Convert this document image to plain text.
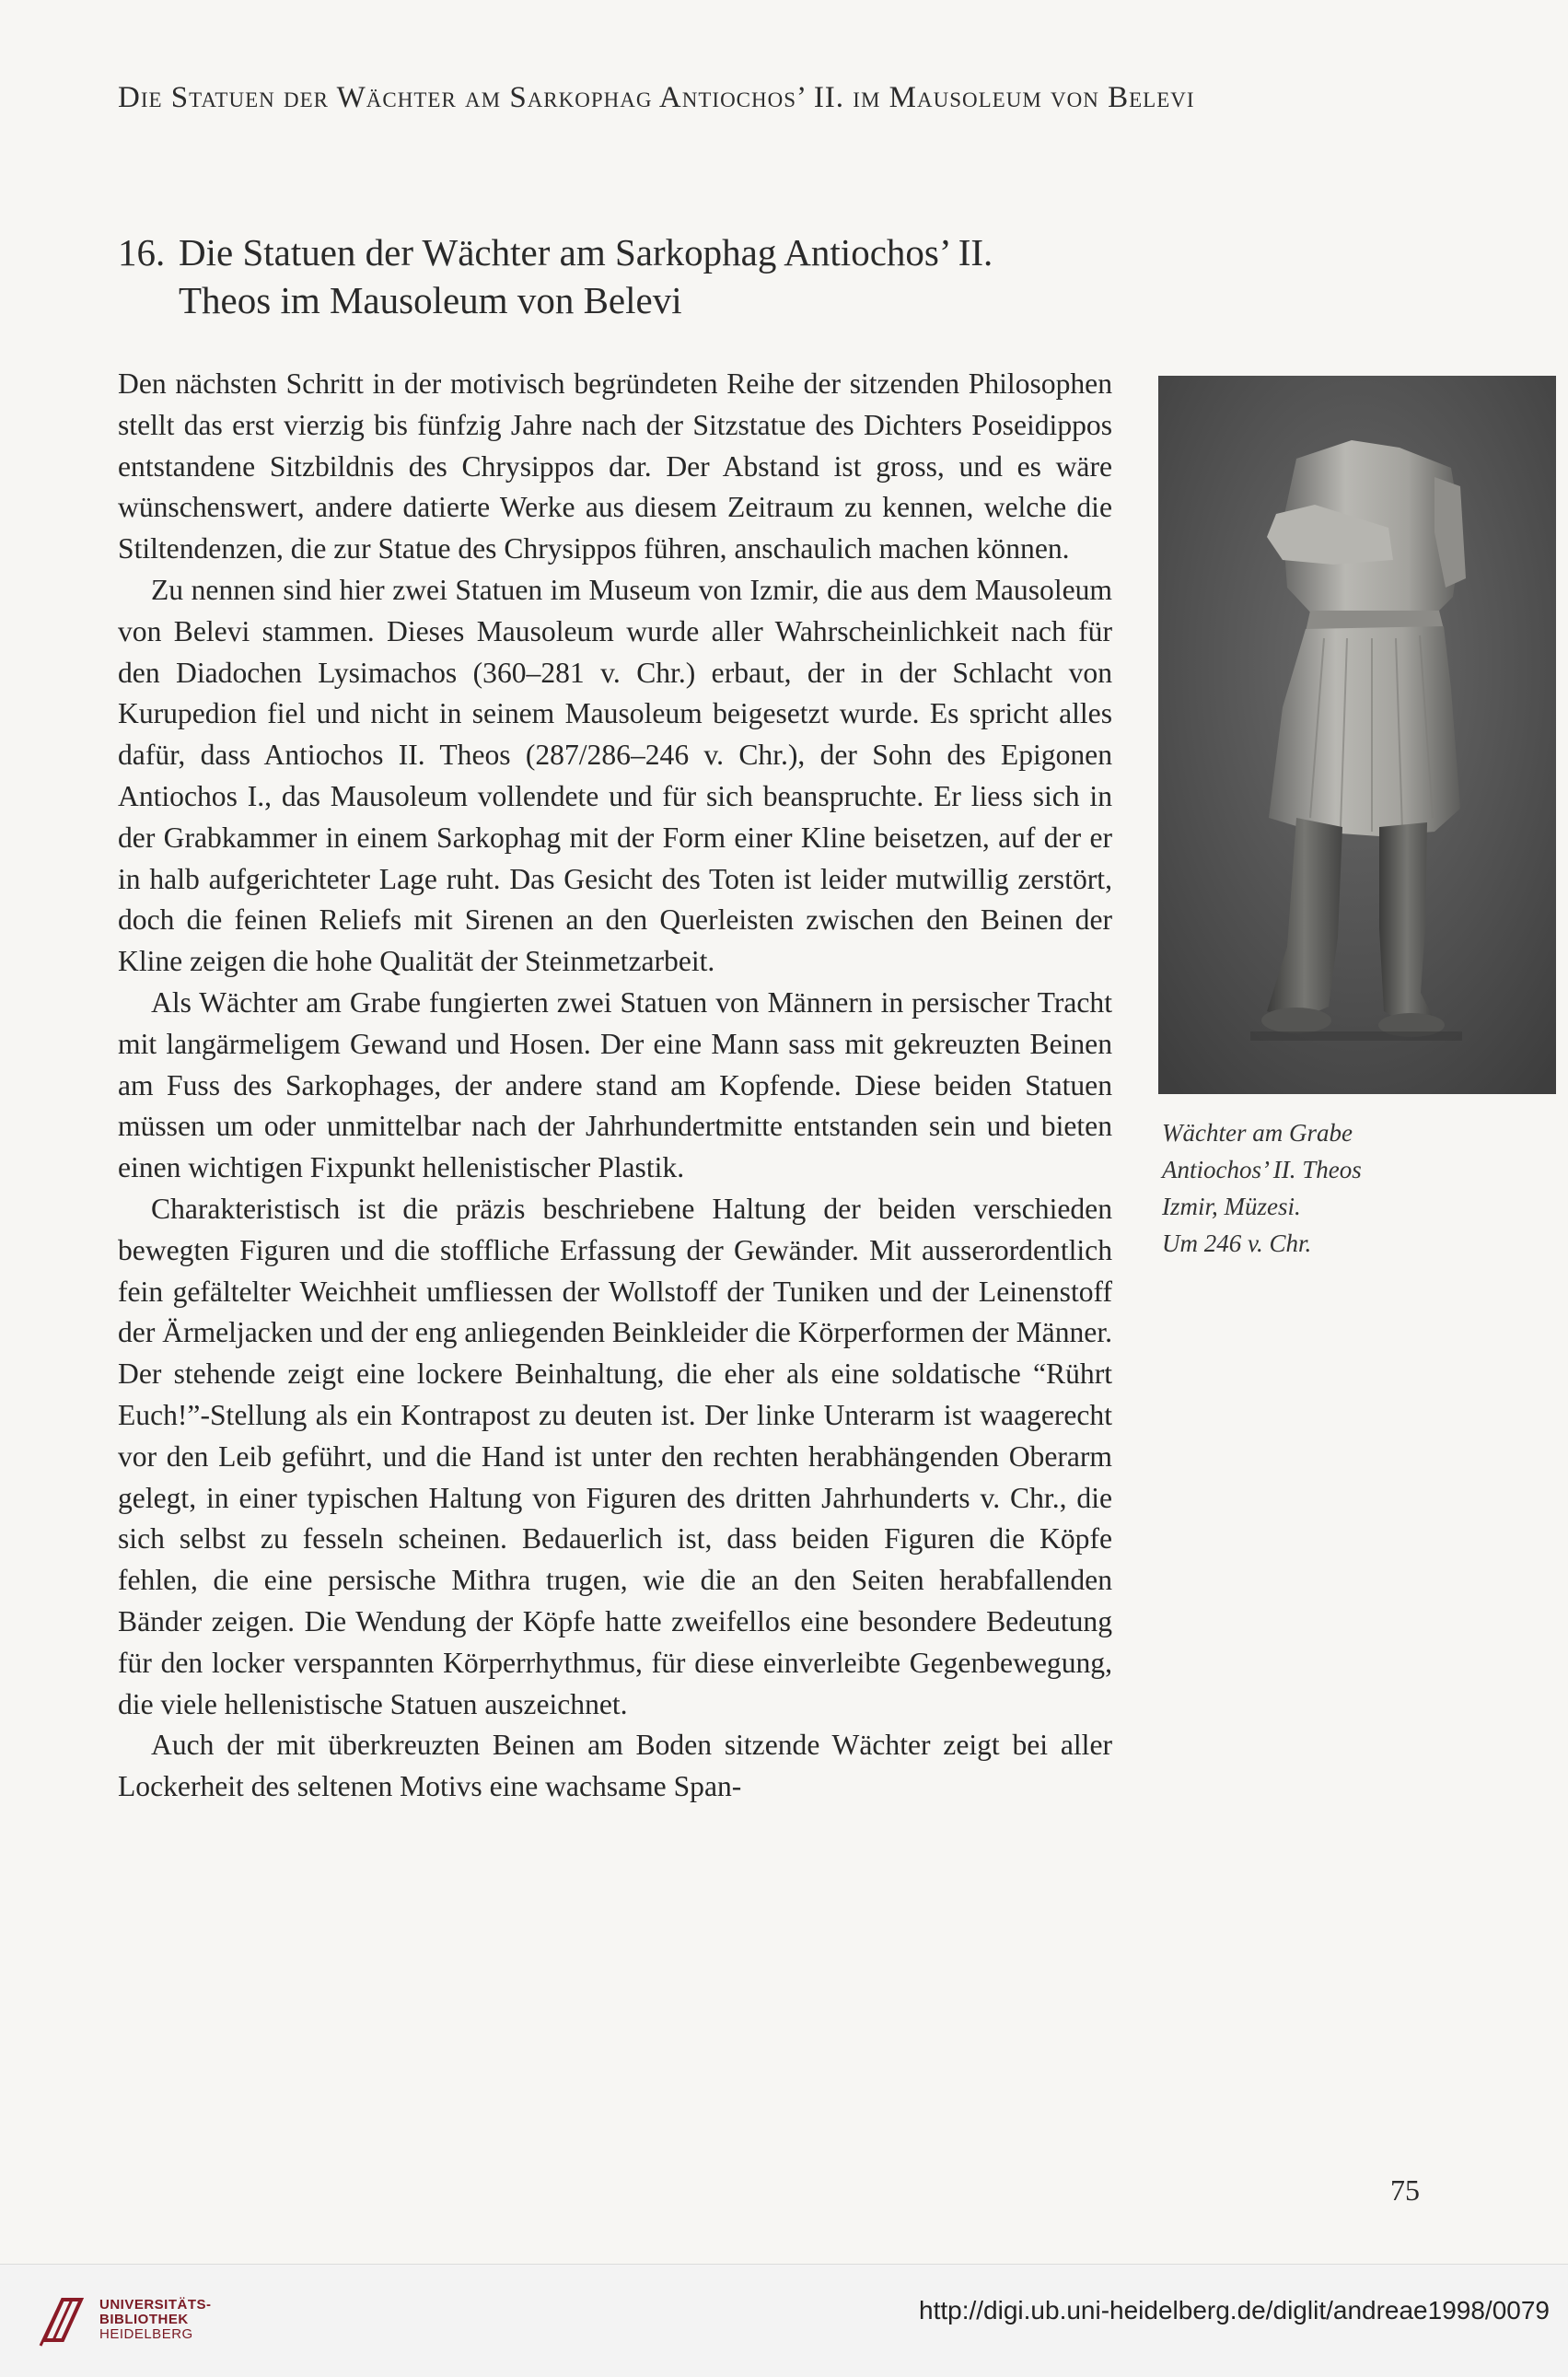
Die Statuen der Wächter am Sarkophag Antiochos’ II. im Mausoleum von Belevi
16. Die Statuen der Wächter am Sarkophag Antiochos’ II.
Theos im Mausoleum von Belevi

Den nächsten Schritt in der motivisch begründeten Reihe der sitzenden Philosophen stellt das erst vierzig bis fünfzig Jahre nach der Sitzstatue des Dichters Poseidippos entstandene Sitzbildnis des Chrysippos dar. Der Abstand ist gross, und es wäre wünschenswert, andere datierte Werke aus diesem Zeitraum zu kennen, welche die Stiltendenzen, die zur Statue des Chrysippos führen, anschaulich machen können.

Zu nennen sind hier zwei Statuen im Museum von Izmir, die aus dem Mausoleum von Belevi stammen. Dieses Mausoleum wurde aller Wahrscheinlichkeit nach für den Diadochen Lysimachos (360–281 v. Chr.) erbaut, der in der Schlacht von Kurupedion fiel und nicht in seinem Mausoleum beigesetzt wurde. Es spricht alles dafür, dass Antiochos II. Theos (287/286–246 v. Chr.), der Sohn des Epigonen Antiochos I., das Mausoleum vollendete und für sich beanspruchte. Er liess sich in der Grabkammer in einem Sarkophag mit der Form einer Kline beisetzen, auf der er in halb aufgerichteter Lage ruht. Das Gesicht des Toten ist leider mutwillig zerstört, doch die feinen Reliefs mit Sirenen an den Querleisten zwischen den Beinen der Kline zeigen die hohe Qualität der Steinmetzarbeit.

Als Wächter am Grabe fungierten zwei Statuen von Männern in persischer Tracht mit langärmeligem Gewand und Hosen. Der eine Mann sass mit gekreuzten Beinen am Fuss des Sarkophages, der andere stand am Kopfende. Diese beiden Statuen müssen um oder unmittelbar nach der Jahrhundertmitte entstanden sein und bieten einen wichtigen Fixpunkt hellenistischer Plastik.

Charakteristisch ist die präzis beschriebene Haltung der beiden verschieden bewegten Figuren und die stoffliche Erfassung der Gewänder. Mit ausserordentlich fein gefältelter Weichheit umfliessen der Wollstoff der Tuniken und der Leinenstoff der Ärmeljacken und der eng anliegenden Beinkleider die Körperformen der Männer. Der stehende zeigt eine lockere Beinhaltung, die eher als eine soldatische “Rührt Euch!”-Stellung als ein Kontrapost zu deuten ist. Der linke Unterarm ist waagerecht vor den Leib geführt, und die Hand ist unter den rechten herabhängenden Oberarm gelegt, in einer typischen Haltung von Figuren des dritten Jahrhunderts v. Chr., die sich selbst zu fesseln scheinen. Bedauerlich ist, dass beiden Figuren die Köpfe fehlen, die eine persische Mithra trugen, wie die an den Seiten herabfallenden Bänder zeigen. Die Wendung der Köpfe hatte zweifellos eine besondere Bedeutung für den locker verspannten Körperrhythmus, für diese einverleibte Gegenbewegung, die viele hellenistische Statuen auszeichnet.

Auch der mit überkreuzten Beinen am Boden sitzende Wächter zeigt bei aller Lockerheit des seltenen Motivs eine wachsame Span-

Wächter am Grabe
Antiochos’ II. Theos
Izmir, Müzesi.
Um 246 v. Chr.
75
UNIVERSITÄTS-
BIBLIOTHEK
HEIDELBERG
http://digi.ub.uni-heidelberg.de/diglit/andreae1998/0079
